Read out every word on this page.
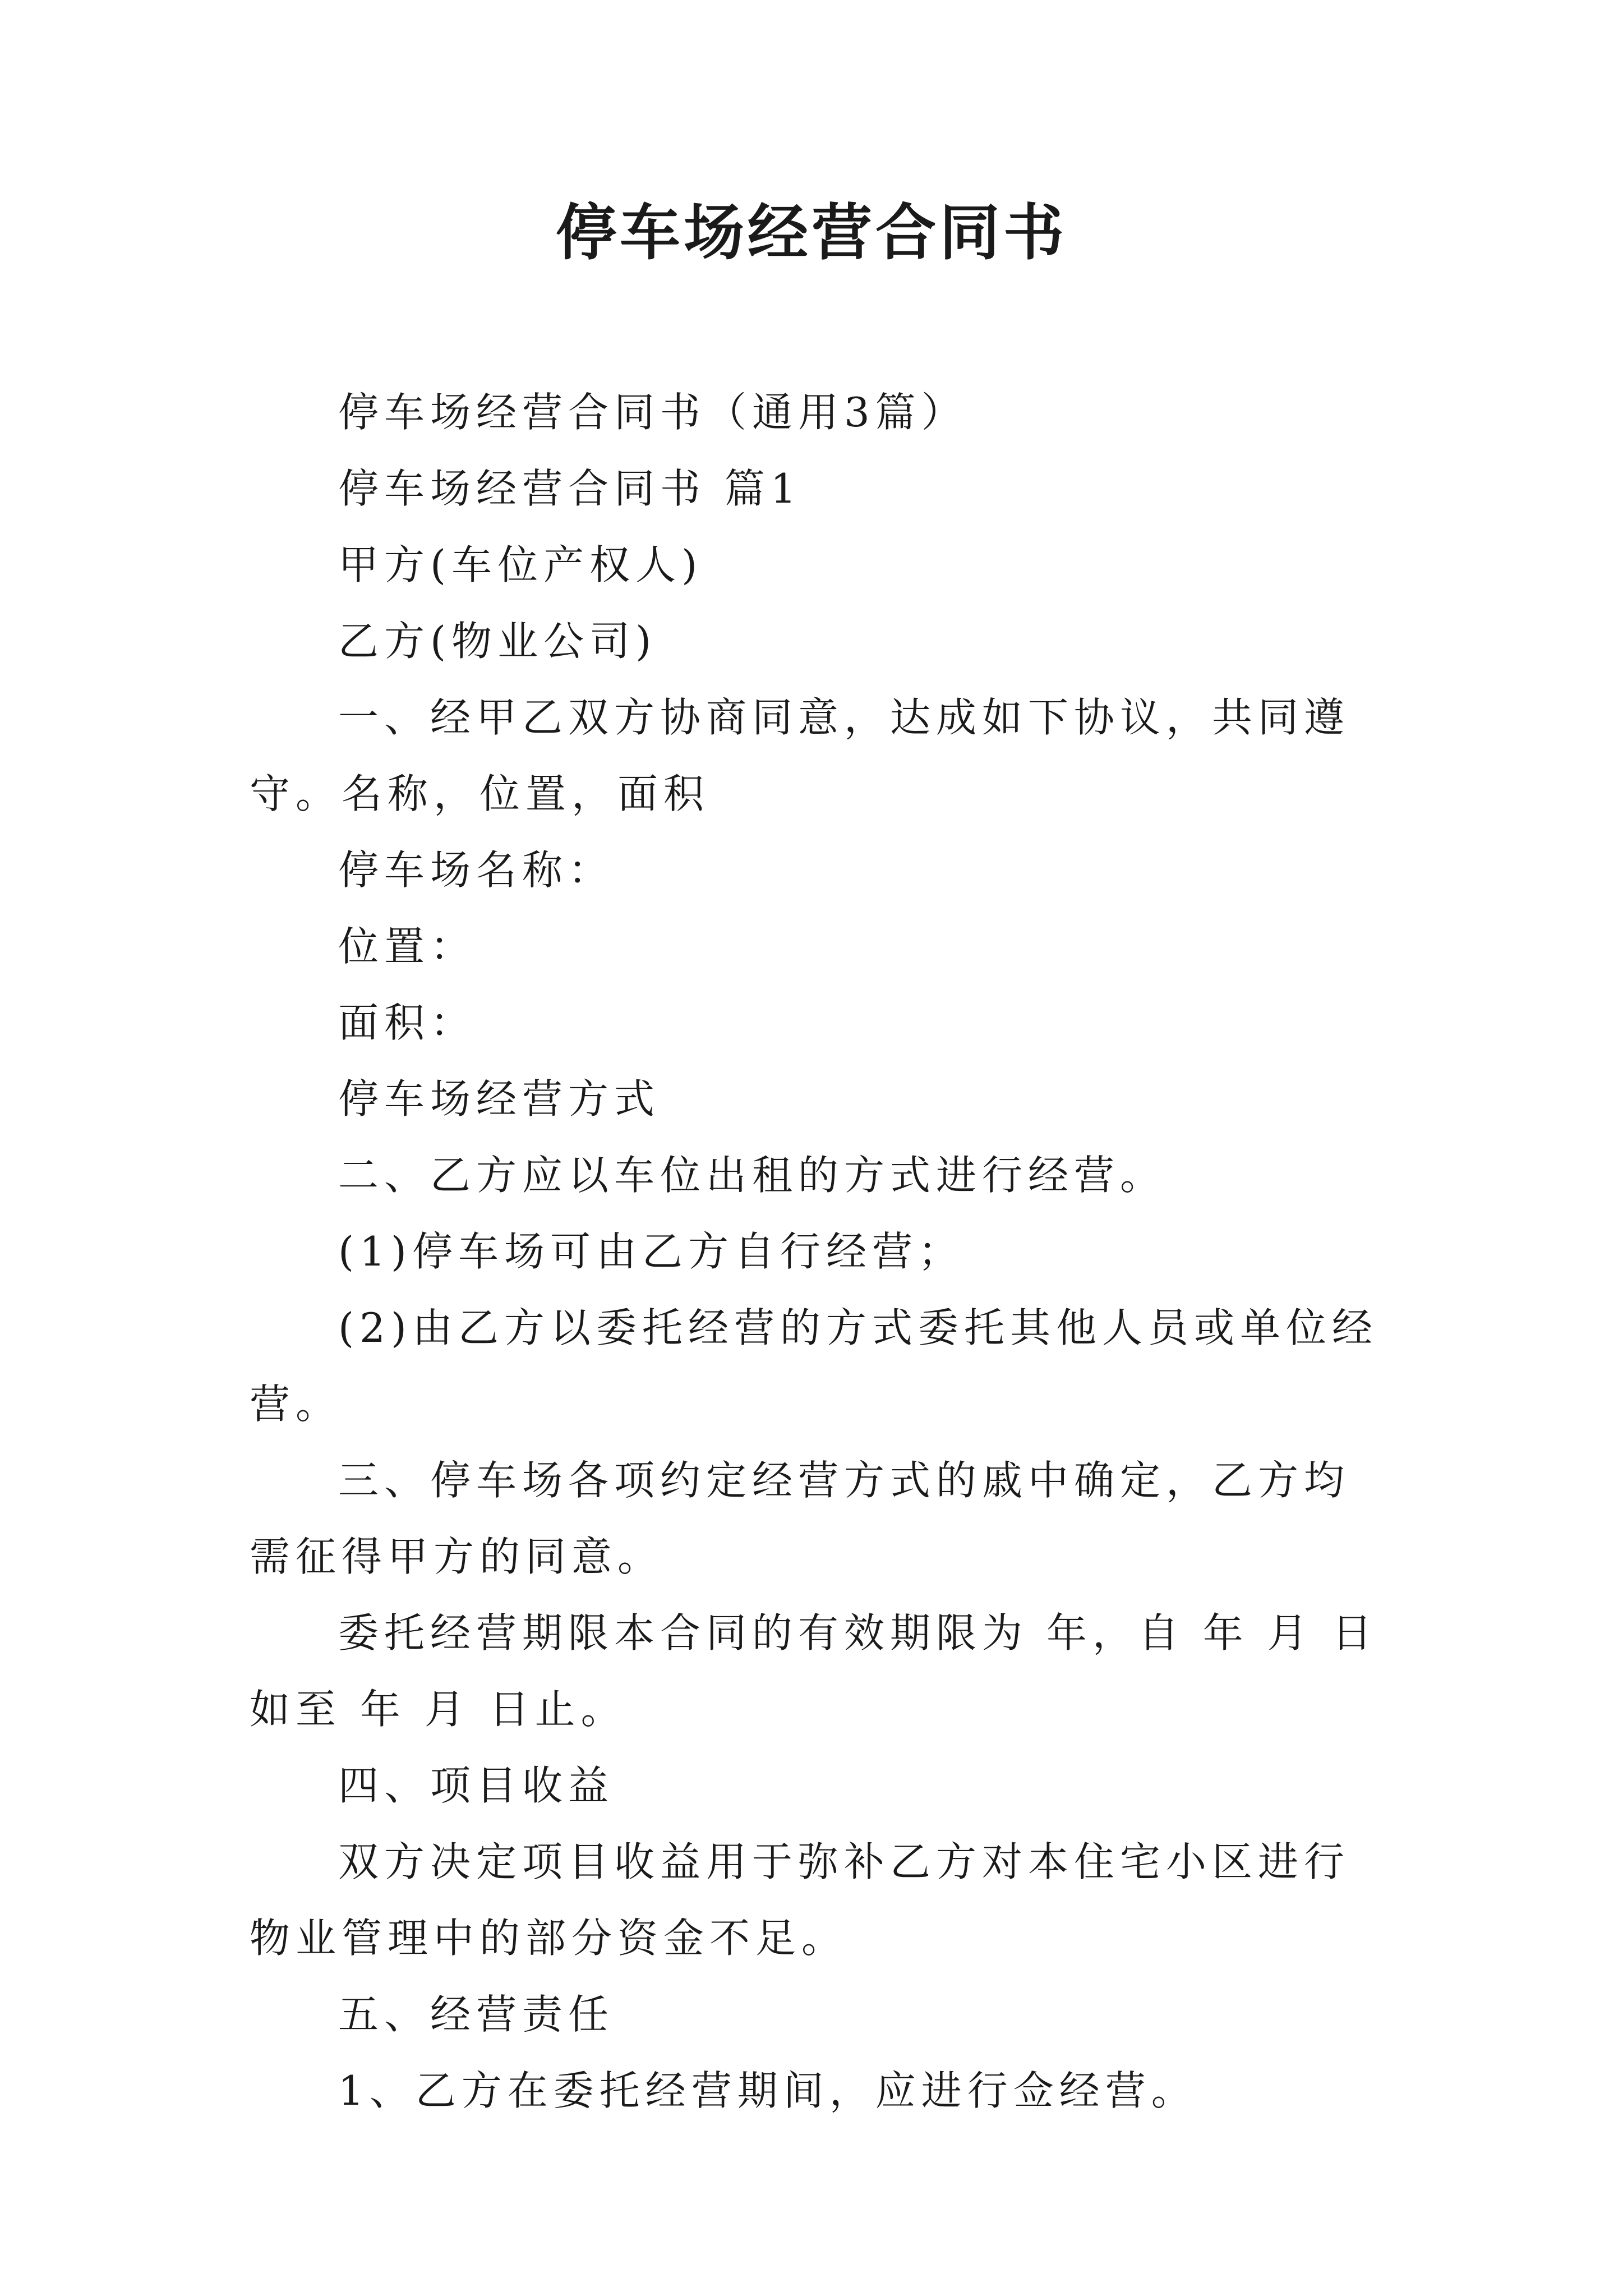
停车场经营合同书

停车场经营合同书（通用3篇）

停车场经营合同书 篇1

甲方(车位产权人)

乙方(物业公司)

一、经甲乙双方协商同意，达成如下协议，共同遵守。名称，位置，面积

停车场名称：

位置：

面积：

停车场经营方式

二、乙方应以车位出租的方式进行经营。

(1)停车场可由乙方自行经营；

(2)由乙方以委托经营的方式委托其他人员或单位经营。

三、停车场各项约定经营方式的戚中确定，乙方均需征得甲方的同意。

委托经营期限本合同的有效期限为 年，自 年 月 日如至 年 月 日止。

四、项目收益

双方决定项目收益用于弥补乙方对本住宅小区进行物业管理中的部分资金不足。

五、经营责任

1、乙方在委托经营期间，应进行佥经营。
